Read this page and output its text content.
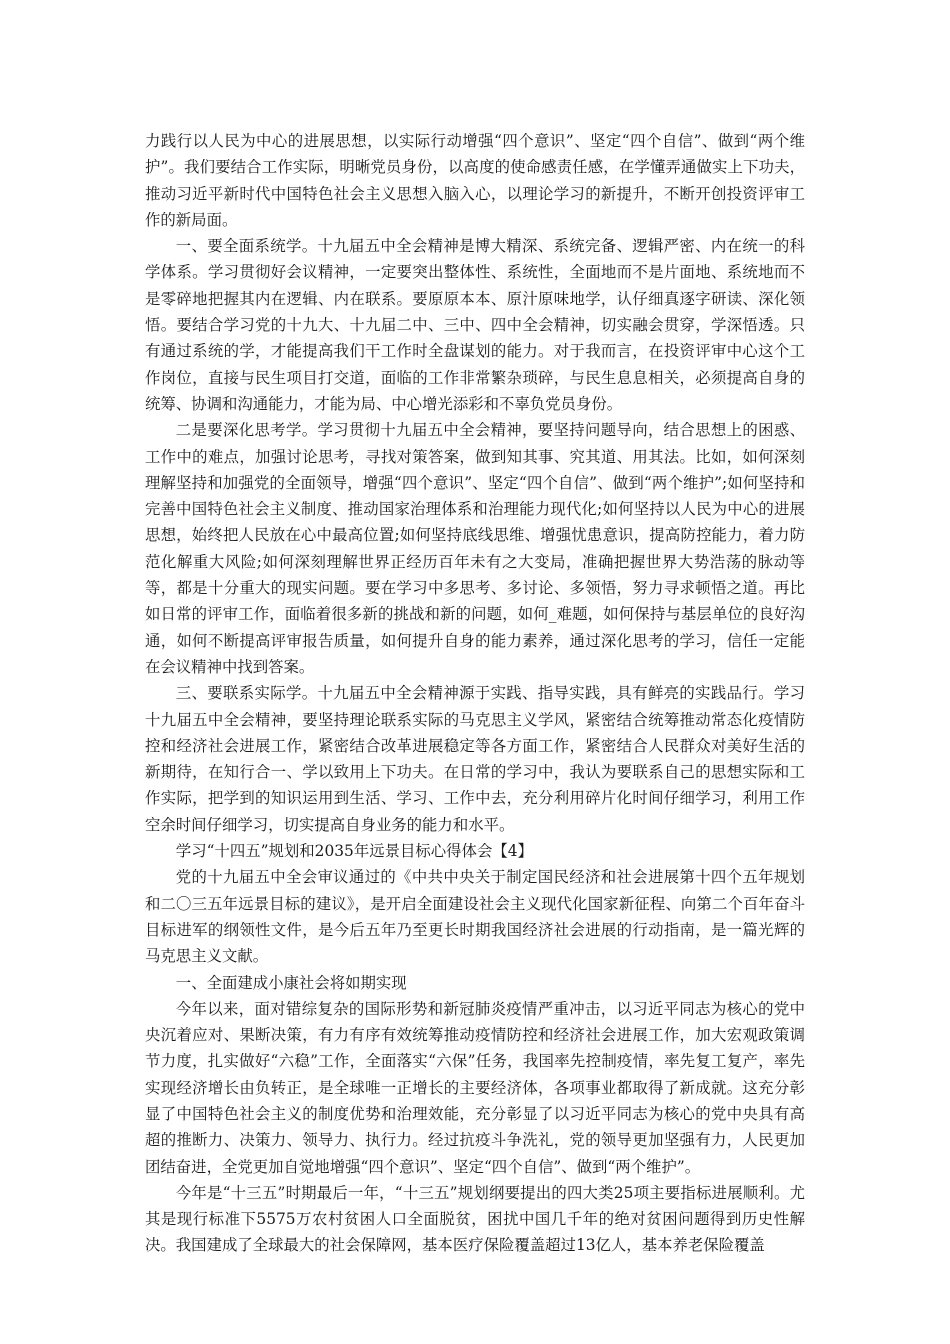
力践行以人民为中心的进展思想，以实际行动增强“四个意识”、坚定“四个自信”、做到“两个维护”。我们要结合工作实际，明晰党员身份，以高度的使命感责任感，在学懂弄通做实上下功夫，推动习近平新时代中国特色社会主义思想入脑入心，以理论学习的新提升，不断开创投资评审工作的新局面。

一、要全面系统学。十九届五中全会精神是博大精深、系统完备、逻辑严密、内在统一的科学体系。学习贯彻好会议精神，一定要突出整体性、系统性，全面地而不是片面地、系统地而不是零碎地把握其内在逻辑、内在联系。要原原本本、原汁原味地学，认仔细真逐字研读、深化领悟。要结合学习党的十九大、十九届二中、三中、四中全会精神，切实融会贯穿，学深悟透。只有通过系统的学，才能提高我们干工作时全盘谋划的能力。对于我而言，在投资评审中心这个工作岗位，直接与民生项目打交道，面临的工作非常繁杂琐碎，与民生息息相关，必须提高自身的统筹、协调和沟通能力，才能为局、中心增光添彩和不辜负党员身份。

二是要深化思考学。学习贯彻十九届五中全会精神，要坚持问题导向，结合思想上的困惑、工作中的难点，加强讨论思考，寻找对策答案，做到知其事、究其道、用其法。比如，如何深刻理解坚持和加强党的全面领导，增强“四个意识”、坚定“四个自信”、做到“两个维护”;如何坚持和完善中国特色社会主义制度、推动国家治理体系和治理能力现代化;如何坚持以人民为中心的进展思想，始终把人民放在心中最高位置;如何坚持底线思维、增强忧患意识，提高防控能力，着力防范化解重大风险;如何深刻理解世界正经历百年未有之大变局，准确把握世界大势浩荡的脉动等等，都是十分重大的现实问题。要在学习中多思考、多讨论、多领悟，努力寻求顿悟之道。再比如日常的评审工作，面临着很多新的挑战和新的问题，如何_难题，如何保持与基层单位的良好沟通，如何不断提高评审报告质量，如何提升自身的能力素养，通过深化思考的学习，信任一定能在会议精神中找到答案。

三、要联系实际学。十九届五中全会精神源于实践、指导实践，具有鲜亮的实践品行。学习十九届五中全会精神，要坚持理论联系实际的马克思主义学风，紧密结合统筹推动常态化疫情防控和经济社会进展工作，紧密结合改革进展稳定等各方面工作，紧密结合人民群众对美好生活的新期待，在知行合一、学以致用上下功夫。在日常的学习中，我认为要联系自己的思想实际和工作实际，把学到的知识运用到生活、学习、工作中去，充分利用碎片化时间仔细学习，利用工作空余时间仔细学习，切实提高自身业务的能力和水平。

学习“十四五”规划和2035年远景目标心得体会【4】

党的十九届五中全会审议通过的《中共中央关于制定国民经济和社会进展第十四个五年规划和二〇三五年远景目标的建议》，是开启全面建设社会主义现代化国家新征程、向第二个百年奋斗目标进军的纲领性文件，是今后五年乃至更长时期我国经济社会进展的行动指南，是一篇光辉的马克思主义文献。

一、全面建成小康社会将如期实现

今年以来，面对错综复杂的国际形势和新冠肺炎疫情严重冲击，以习近平同志为核心的党中央沉着应对、果断决策，有力有序有效统筹推动疫情防控和经济社会进展工作，加大宏观政策调节力度，扎实做好“六稳”工作，全面落实“六保”任务，我国率先控制疫情，率先复工复产，率先实现经济增长由负转正，是全球唯一正增长的主要经济体，各项事业都取得了新成就。这充分彰显了中国特色社会主义的制度优势和治理效能，充分彰显了以习近平同志为核心的党中央具有高超的推断力、决策力、领导力、执行力。经过抗疫斗争洗礼，党的领导更加坚强有力，人民更加团结奋进，全党更加自觉地增强“四个意识”、坚定“四个自信”、做到“两个维护”。

今年是“十三五”时期最后一年，“十三五”规划纲要提出的四大类25项主要指标进展顺利。尤其是现行标准下5575万农村贫困人口全面脱贫，困扰中国几千年的绝对贫困问题得到历史性解决。我国建成了全球最大的社会保障网，基本医疗保险覆盖超过13亿人，基本养老保险覆盖
